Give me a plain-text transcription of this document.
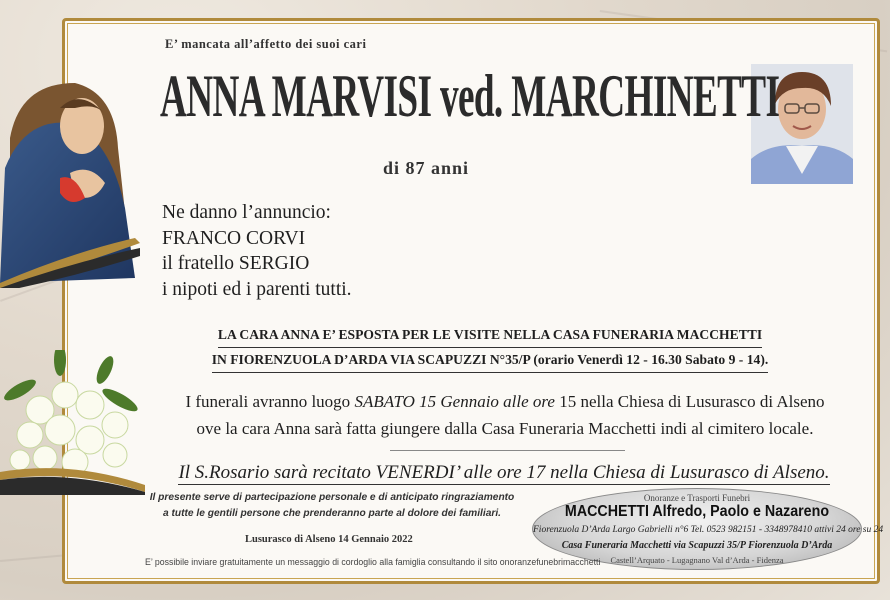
E’ mancata all’affetto dei suoi cari
ANNA MARVISI ved. MARCHINETTI
di 87 anni
Ne danno l’annuncio:
FRANCO CORVI
il fratello SERGIO
i nipoti ed i parenti tutti.
LA CARA ANNA E’ ESPOSTA PER LE VISITE NELLA CASA FUNERARIA MACCHETTI
IN FIORENZUOLA D’ARDA VIA SCAPUZZI N°35/P (orario Venerdì 12 - 16.30 Sabato 9 - 14).
I funerali avranno luogo SABATO 15 Gennaio alle ore 15 nella Chiesa di Lusurasco di Alseno
ove la cara Anna sarà fatta giungere dalla Casa Funeraria Macchetti indi al cimitero locale.
Il S.Rosario sarà recitato VENERDI’ alle ore 17 nella Chiesa di Lusurasco di Alseno.
Il presente serve di partecipazione personale e di anticipato ringraziamento
a tutte le gentili persone che prenderanno parte al dolore dei familiari.
Lusurasco di Alseno 14 Gennaio 2022
Onoranze e Trasporti Funebri
MACCHETTI Alfredo, Paolo e Nazareno
Fiorenzuola D’Arda Largo Gabrielli n°6 Tel. 0523 982151 - 3348978410 attivi 24 ore su 24
Casa Funeraria Macchetti via Scapuzzi 35/P Fiorenzuola D’Arda
Castell’Arquato - Lugagnano Val d’Arda - Fidenza
E’ possibile inviare gratuitamente un messaggio di cordoglio alla famiglia consultando il sito onoranzefunebrimacchetti
